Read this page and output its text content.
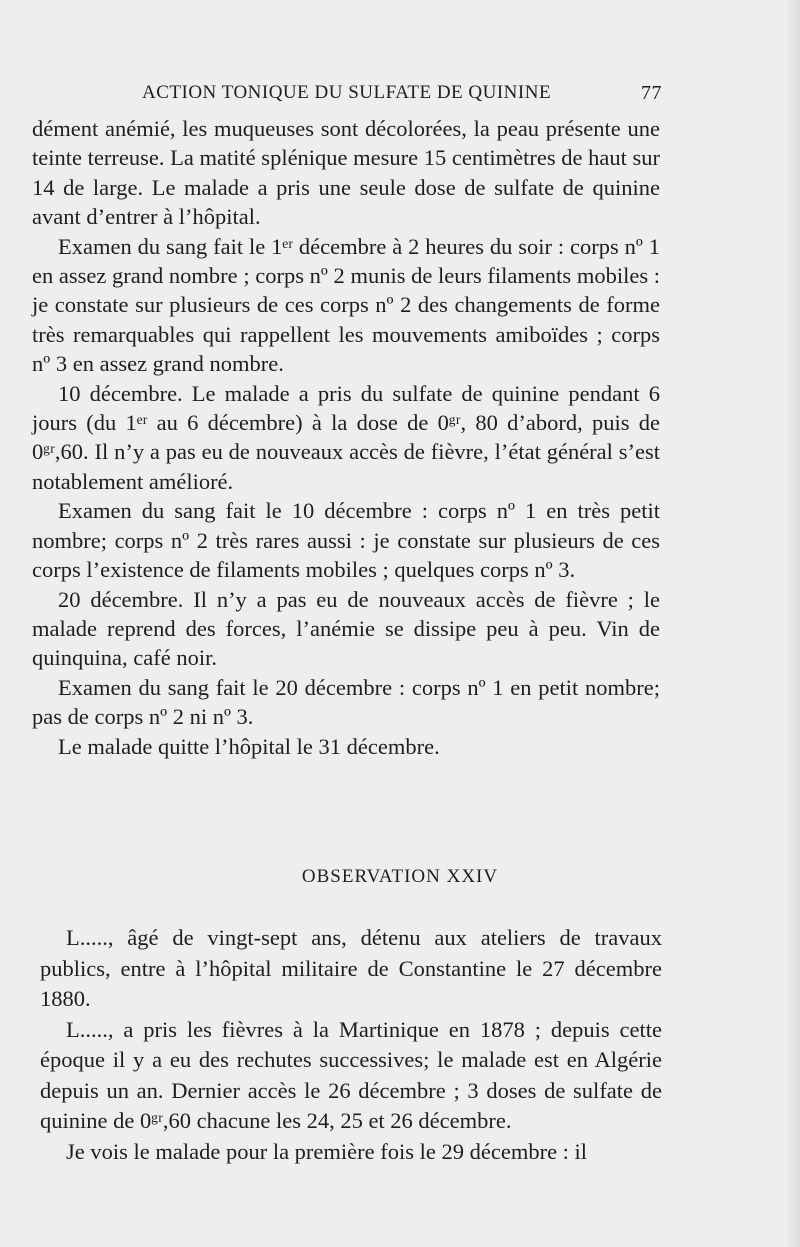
ACTION TONIQUE DU SULFATE DE QUININE	77

dément anémié, les muqueuses sont décolorées, la peau présente une teinte terreuse. La matité splénique mesure 15 centimètres de haut sur 14 de large. Le malade a pris une seule dose de sulfate de quinine avant d’entrer à l’hôpital.

Examen du sang fait le 1ᵉʳ décembre à 2 heures du soir : corps nº 1 en assez grand nombre ; corps nº 2 munis de leurs filaments mobiles : je constate sur plusieurs de ces corps nº 2 des changements de forme très remarquables qui rappellent les mouvements amiboïdes ; corps nº 3 en assez grand nombre.

10 décembre. Le malade a pris du sulfate de quinine pendant 6 jours (du 1ᵉʳ au 6 décembre) à la dose de 0ᵍʳ, 80 d’abord, puis de 0ᵍʳ,60. Il n’y a pas eu de nouveaux accès de fièvre, l’état général s’est notablement amélioré.

Examen du sang fait le 10 décembre : corps nº 1 en très petit nombre; corps nº 2 très rares aussi : je constate sur plusieurs de ces corps l’existence de filaments mobiles ; quelques corps nº 3.

20 décembre. Il n’y a pas eu de nouveaux accès de fièvre ; le malade reprend des forces, l’anémie se dissipe peu à peu. Vin de quinquina, café noir.

Examen du sang fait le 20 décembre : corps nº 1 en petit nombre; pas de corps nº 2 ni nº 3.

Le malade quitte l’hôpital le 31 décembre.

OBSERVATION XXIV

L....., âgé de vingt-sept ans, détenu aux ateliers de travaux publics, entre à l’hôpital militaire de Constantine le 27 décembre 1880.

L....., a pris les fièvres à la Martinique en 1878 ; depuis cette époque il y a eu des rechutes successives; le malade est en Algérie depuis un an. Dernier accès le 26 décembre ; 3 doses de sulfate de quinine de 0ᵍʳ,60 chacune les 24, 25 et 26 décembre.

Je vois le malade pour la première fois le 29 décembre : il
